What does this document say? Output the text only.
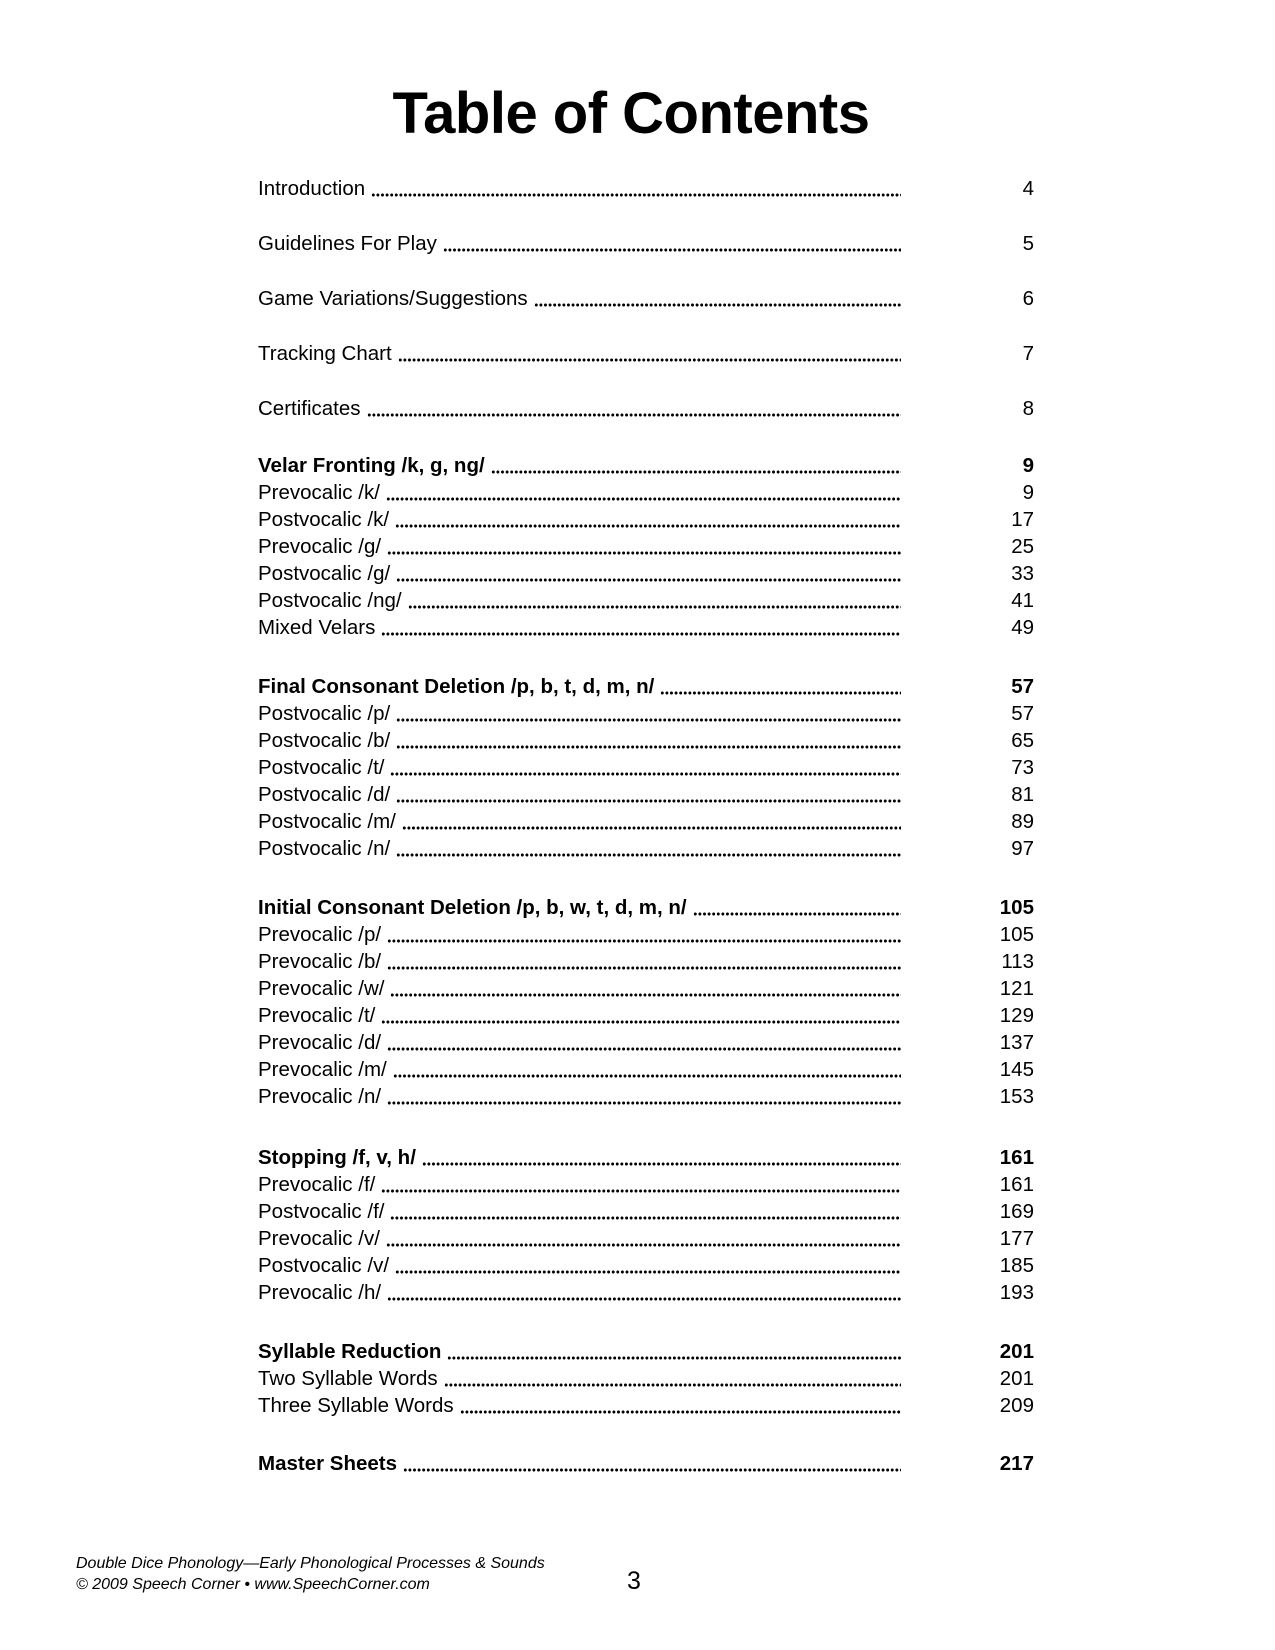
Table of Contents
Introduction	4
Guidelines For Play	5
Game Variations/Suggestions	6
Tracking Chart	7
Certificates	8
Velar Fronting /k, g, ng/	9
Prevocalic /k/	9
Postvocalic /k/	17
Prevocalic /g/	25
Postvocalic /g/	33
Postvocalic /ng/	41
Mixed Velars	49
Final Consonant Deletion /p, b, t, d, m, n/	57
Postvocalic /p/	57
Postvocalic /b/	65
Postvocalic /t/	73
Postvocalic /d/	81
Postvocalic /m/	89
Postvocalic /n/	97
Initial Consonant Deletion /p, b, w, t, d, m, n/	105
Prevocalic /p/	105
Prevocalic /b/	113
Prevocalic /w/	121
Prevocalic /t/	129
Prevocalic /d/	137
Prevocalic /m/	145
Prevocalic /n/	153
Stopping /f, v, h/	161
Prevocalic /f/	161
Postvocalic /f/	169
Prevocalic /v/	177
Postvocalic /v/	185
Prevocalic /h/	193
Syllable Reduction	201
Two Syllable Words	201
Three Syllable Words	209
Master Sheets	217
Double Dice Phonology—Early Phonological Processes & Sounds
© 2009 Speech Corner • www.SpeechCorner.com	3
